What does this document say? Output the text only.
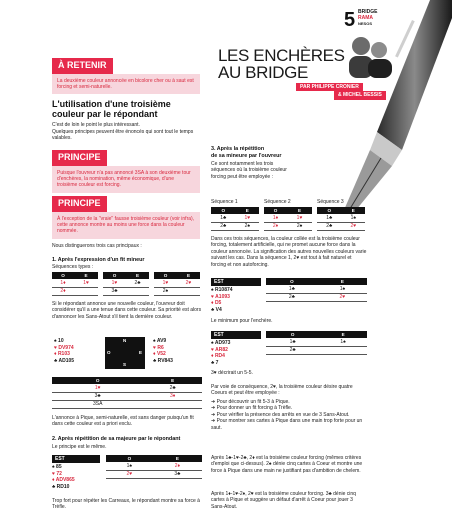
5 BRIDGE
RAMA
NESOS
LES ENCHÈRES
AU BRIDGE
PAR PHILIPPE CRONIER
& MICHEL BESSIS
À RETENIR
La deuxième couleur annoncée en bicolore cher ou à saut est forcing et semi-naturelle.
L'utilisation d'une troisième couleur par le répondant
C'est de loin le point le plus intéressant.
Quelques principes peuvent être énoncés qui sont tout le temps valables.
PRINCIPE
Puisque l'ouvreur n'a pas annoncé 3SA à son deuxième tour d'enchères, la nomination, même économique, d'une troisième couleur est forcing.
PRINCIPE
À l'exception de la "vraie" fausse troisième couleur (voir infra), cette annonce montre au moins une force dans la couleur nommée.
Nous distinguerons trois cas principaux :
1. Après l'expression d'un fit mineur
Séquences types :
O	E
1♦	1♥
2♦	
O	E
1♥	2♣
3♣	
O	E
1♥	2♥
2♠	
Si le répondant annonce une nouvelle couleur, l'ouvreur doit considérer qu'il a une tenue dans cette couleur. Sa priorité est alors d'annoncer les Sans-Atout s'il tient la dernière couleur.
♠ 10
♥ DV974
♦ R103
♣ AD105
N
O	E
S
♠ AV9
♥ R6
♦ V52
♣ RV843
O	E
1♥	2♣
3♣	3♦
3SA	
L'annonce à Pique, semi-naturelle, est sans danger puisqu'un fit dans cette couleur est a priori exclu.
2. Après répétition de sa majeure par le répondant
Le principe est le même.
EST
♠ 85
♥ 72
♦ ADV865
♣ RD10
O	E
1♠	2♦
2♥	3♣
Trop fort pour répéter les Carreaux, le répondant montre sa force à Trèfle.
3. Après la répétition
de sa mineure par l'ouvreur
Ce sont notamment les trois séquences où la troisième couleur forcing peut être employée :
Séquence 1	Séquence 2	Séquence 3
O	E
1♣	1♥
2♣	2♠
O	E
1♦	1♥
2♦	2♠
O	E
1♣	1♠
2♣	2♥
Dans ces trois séquences, la couleur collée est la troisième couleur forcing, totalement artificielle, qui ne promet aucune force dans la couleur annoncée. La signification des autres nouvelles couleurs varie suivant les cas. Dans la séquence 1, 2♥ est tout à fait naturel et forcing et non autoforcing.
EST
♠ R10874
♥ A1093
♦ D5
♣ V4
O	E
1♣	1♠
2♣	2♥
Le minimum pour l'enchère.
EST
♠ AD973
♥ AR82
♦ RD4
♣ 7
O	E
1♣	1♠
2♣	
3♥ décrirait un 5-5.
Par voie de conséquence, 2♥, la troisième couleur désire quatre Coeurs et peut être employée :
➜ Pour découvrir un fit 5-3 à Pique.
➜ Pour donner un fit forcing à Trèfle.
➜ Pour vérifier la présence des arrêts en vue de 3 Sans-Atout.
➜ Pour montrer ses cartes à Pique dans une main trop forte pour un saut.
Après 1♣-1♥-2♣, 2♦ est la troisième couleur forcing (mêmes critères d'emploi que ci-dessus). 2♠ dénie cinq cartes à Coeur et montre une force à Pique dans une main ne justifiant pas d'ambition de chelem.
Après 1♦-1♥-2♦, 2♥ est la troisième couleur forcing. 3♣ dénie cinq cartes à Pique et suggère un défaut d'arrêt à Coeur pour jouer 3 Sans-Atout.
